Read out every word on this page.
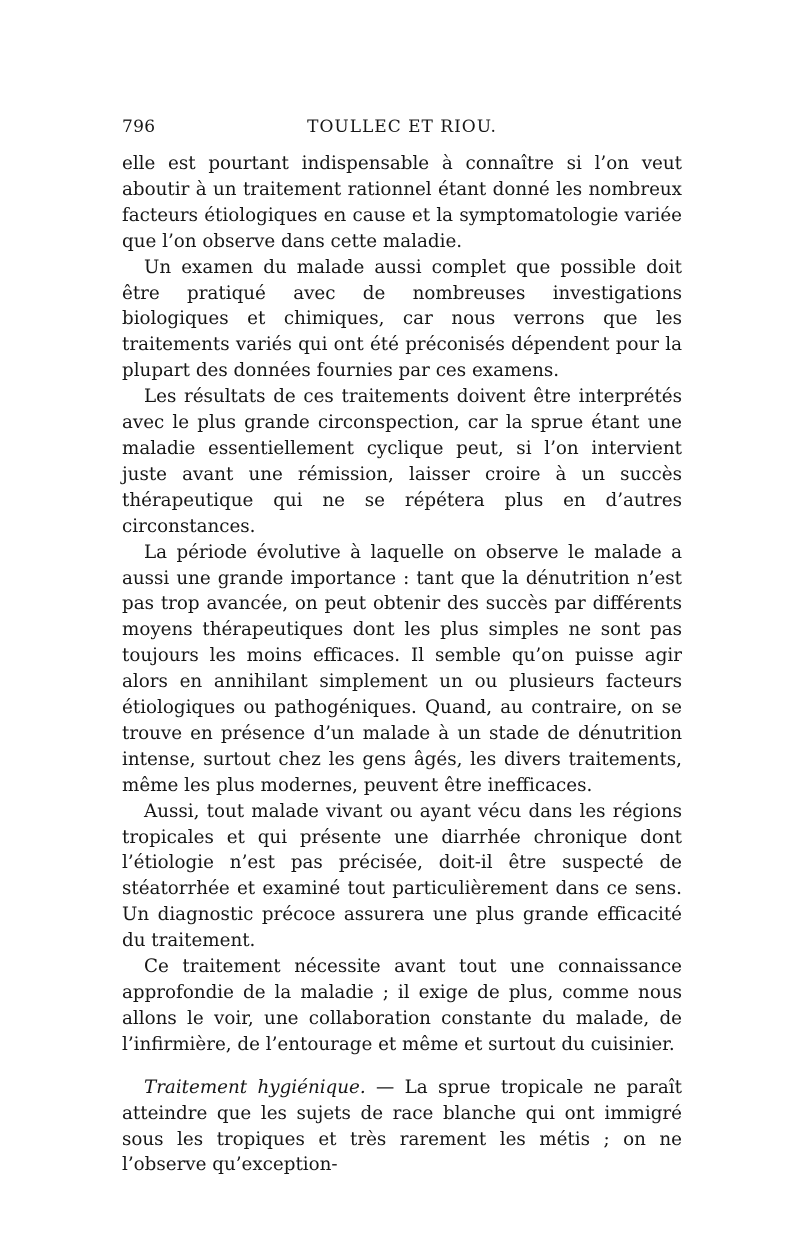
796	TOULLEC ET RIOU.

elle est pourtant indispensable à connaître si l’on veut aboutir à un traitement rationnel étant donné les nombreux facteurs étiologiques en cause et la symptomatologie variée que l’on observe dans cette maladie.

Un examen du malade aussi complet que possible doit être pratiqué avec de nombreuses investigations biologiques et chimiques, car nous verrons que les traitements variés qui ont été préconisés dépendent pour la plupart des données fournies par ces examens.

Les résultats de ces traitements doivent être interprétés avec le plus grande circonspection, car la sprue étant une maladie essentiellement cyclique peut, si l’on intervient juste avant une rémission, laisser croire à un succès thérapeutique qui ne se répétera plus en d’autres circonstances.

La période évolutive à laquelle on observe le malade a aussi une grande importance : tant que la dénutrition n’est pas trop avancée, on peut obtenir des succès par différents moyens thérapeutiques dont les plus simples ne sont pas toujours les moins efficaces. Il semble qu’on puisse agir alors en annihilant simplement un ou plusieurs facteurs étiologiques ou pathogéniques. Quand, au contraire, on se trouve en présence d’un malade à un stade de dénutrition intense, surtout chez les gens âgés, les divers traitements, même les plus modernes, peuvent être inefficaces.

Aussi, tout malade vivant ou ayant vécu dans les régions tropicales et qui présente une diarrhée chronique dont l’étiologie n’est pas précisée, doit-il être suspecté de stéatorrhée et examiné tout particulièrement dans ce sens. Un diagnostic précoce assurera une plus grande efficacité du traitement.

Ce traitement nécessite avant tout une connaissance approfondie de la maladie ; il exige de plus, comme nous allons le voir, une collaboration constante du malade, de l’infirmière, de l’entourage et même et surtout du cuisinier.

Traitement hygiénique. — La sprue tropicale ne paraît atteindre que les sujets de race blanche qui ont immigré sous les tropiques et très rarement les métis ; on ne l’observe qu’exception-
